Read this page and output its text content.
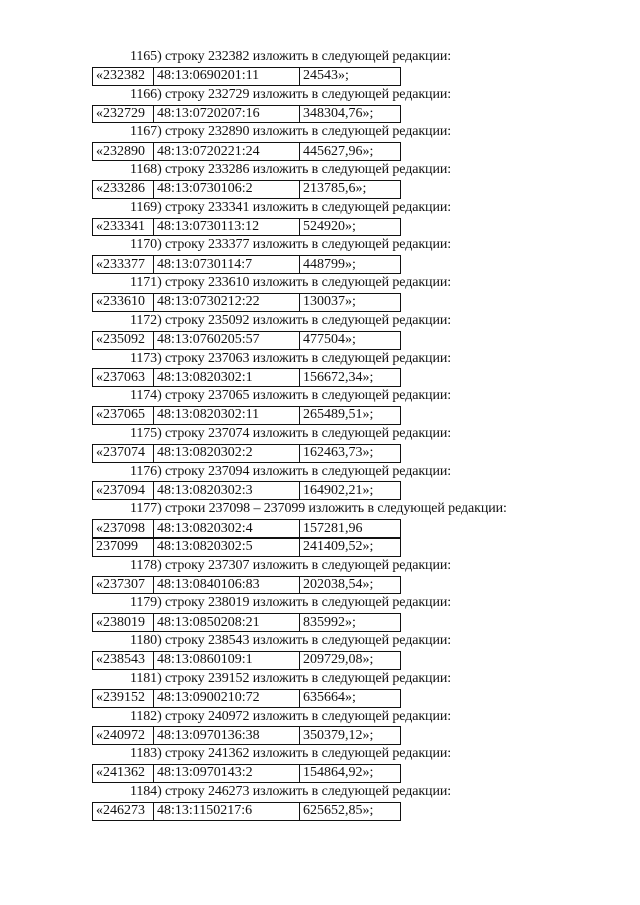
1165) строку 232382 изложить в следующей редакции:
«232382	48:13:0690201:11	24543»;
1166) строку 232729 изложить в следующей редакции:
«232729	48:13:0720207:16	348304,76»;
1167) строку 232890 изложить в следующей редакции:
«232890	48:13:0720221:24	445627,96»;
1168) строку 233286 изложить в следующей редакции:
«233286	48:13:0730106:2	213785,6»;
1169) строку 233341 изложить в следующей редакции:
«233341	48:13:0730113:12	524920»;
1170) строку 233377 изложить в следующей редакции:
«233377	48:13:0730114:7	448799»;
1171) строку 233610 изложить в следующей редакции:
«233610	48:13:0730212:22	130037»;
1172) строку 235092 изложить в следующей редакции:
«235092	48:13:0760205:57	477504»;
1173) строку 237063 изложить в следующей редакции:
«237063	48:13:0820302:1	156672,34»;
1174) строку 237065 изложить в следующей редакции:
«237065	48:13:0820302:11	265489,51»;
1175) строку 237074 изложить в следующей редакции:
«237074	48:13:0820302:2	162463,73»;
1176) строку 237094 изложить в следующей редакции:
«237094	48:13:0820302:3	164902,21»;
1177) строки 237098 – 237099 изложить в следующей редакции:
«237098	48:13:0820302:4	157281,96
237099	48:13:0820302:5	241409,52»;
1178) строку 237307 изложить в следующей редакции:
«237307	48:13:0840106:83	202038,54»;
1179) строку 238019 изложить в следующей редакции:
«238019	48:13:0850208:21	835992»;
1180) строку 238543 изложить в следующей редакции:
«238543	48:13:0860109:1	209729,08»;
1181) строку 239152 изложить в следующей редакции:
«239152	48:13:0900210:72	635664»;
1182) строку 240972 изложить в следующей редакции:
«240972	48:13:0970136:38	350379,12»;
1183) строку 241362 изложить в следующей редакции:
«241362	48:13:0970143:2	154864,92»;
1184) строку 246273 изложить в следующей редакции:
«246273	48:13:1150217:6	625652,85»;
